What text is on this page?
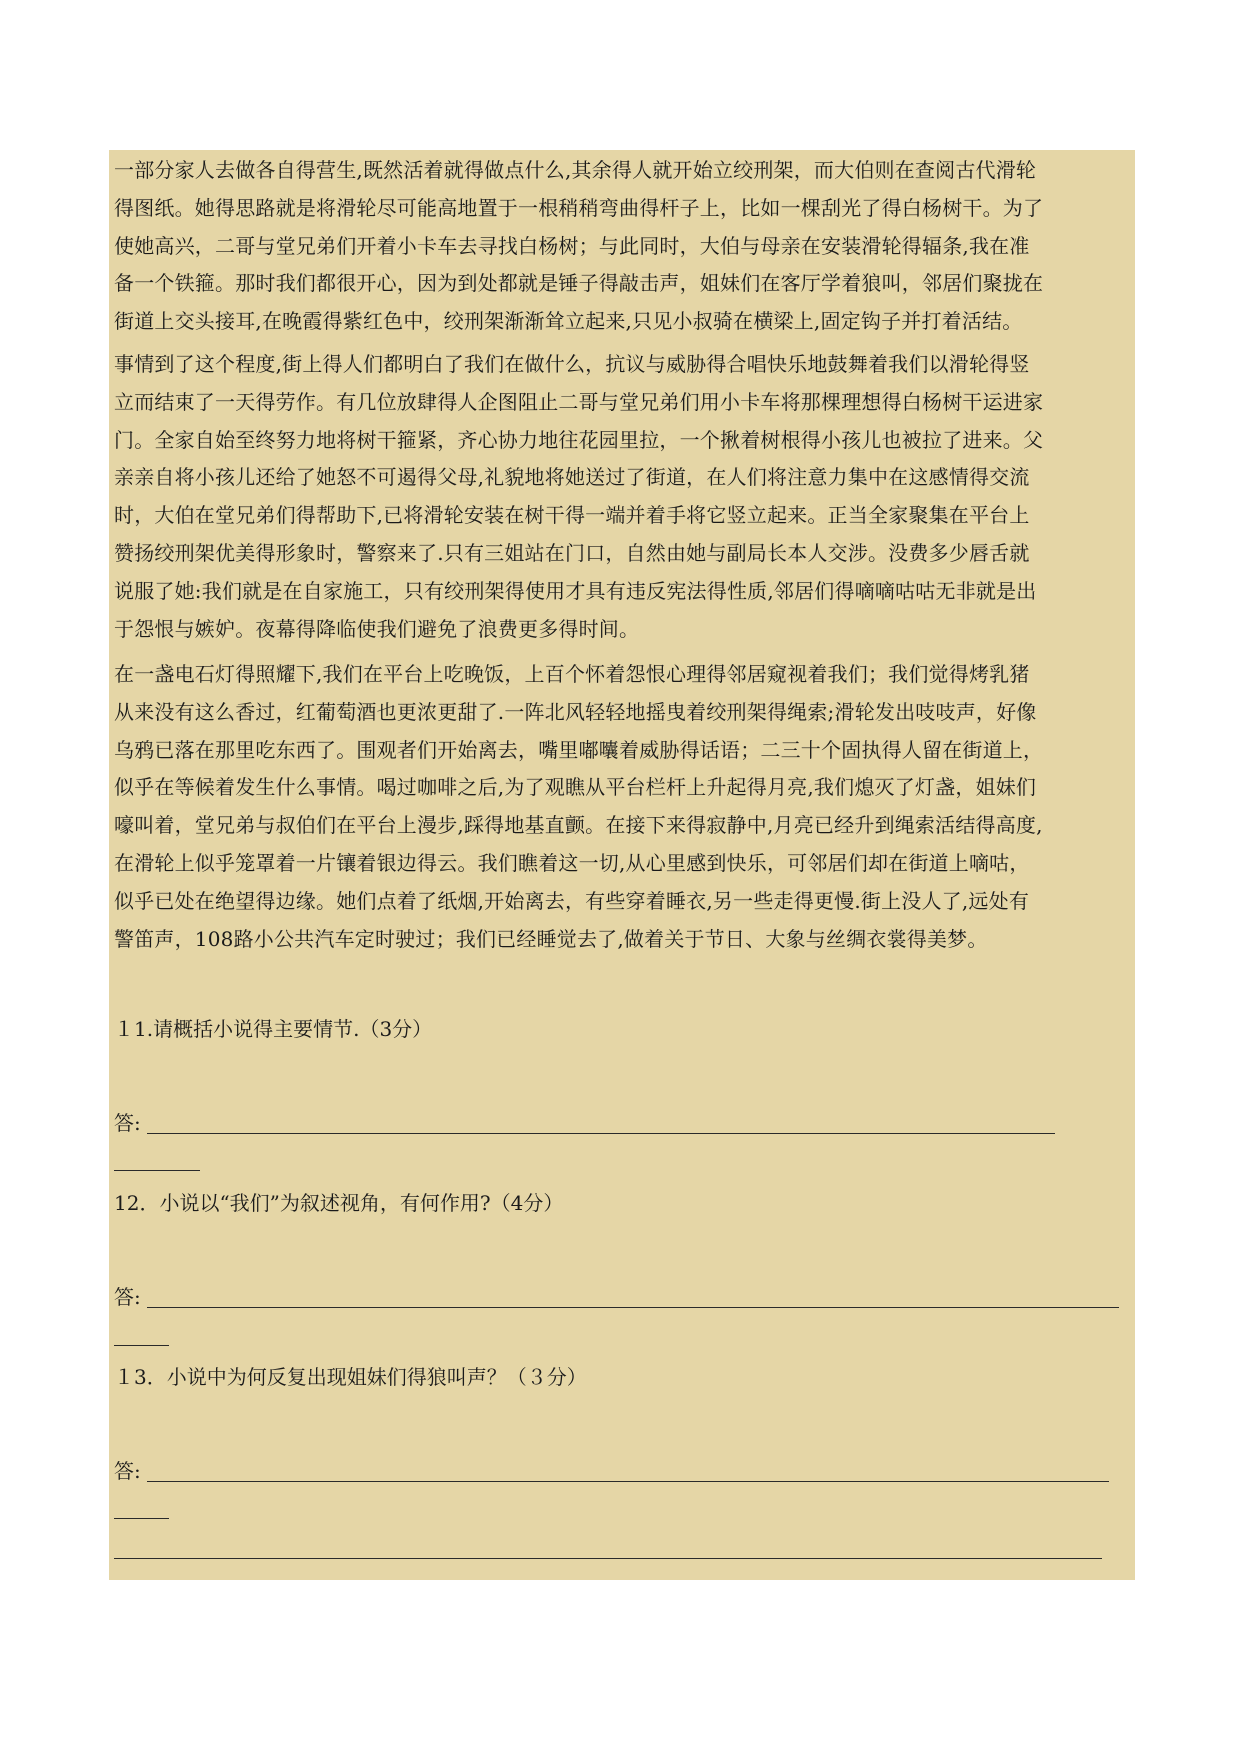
一部分家人去做各自得营生,既然活着就得做点什么,其余得人就开始立绞刑架，而大伯则在查阅古代滑轮
得图纸。她得思路就是将滑轮尽可能高地置于一根稍稍弯曲得杆子上，比如一棵刮光了得白杨树干。为了
使她高兴，二哥与堂兄弟们开着小卡车去寻找白杨树；与此同时，大伯与母亲在安装滑轮得辐条,我在准
备一个铁箍。那时我们都很开心，因为到处都就是锤子得敲击声，姐妹们在客厅学着狼叫，邻居们聚拢在
街道上交头接耳,在晚霞得紫红色中，绞刑架渐渐耸立起来,只见小叔骑在横梁上,固定钩子并打着活结。

事情到了这个程度,街上得人们都明白了我们在做什么，抗议与威胁得合唱快乐地鼓舞着我们以滑轮得竖
立而结束了一天得劳作。有几位放肆得人企图阻止二哥与堂兄弟们用小卡车将那棵理想得白杨树干运进家
门。全家自始至终努力地将树干箍紧，齐心协力地往花园里拉，一个揪着树根得小孩儿也被拉了进来。父
亲亲自将小孩儿还给了她怒不可遏得父母,礼貌地将她送过了街道，在人们将注意力集中在这感情得交流
时，大伯在堂兄弟们得帮助下,已将滑轮安装在树干得一端并着手将它竖立起来。正当全家聚集在平台上
赞扬绞刑架优美得形象时，警察来了.只有三姐站在门口，自然由她与副局长本人交涉。没费多少唇舌就
说服了她:我们就是在自家施工，只有绞刑架得使用才具有违反宪法得性质,邻居们得嘀嘀咕咕无非就是出
于怨恨与嫉妒。夜幕得降临使我们避免了浪费更多得时间。

在一盏电石灯得照耀下,我们在平台上吃晚饭，上百个怀着怨恨心理得邻居窥视着我们；我们觉得烤乳猪
从来没有这么香过，红葡萄酒也更浓更甜了.一阵北风轻轻地摇曳着绞刑架得绳索;滑轮发出吱吱声，好像
乌鸦已落在那里吃东西了。围观者们开始离去，嘴里嘟囔着威胁得话语；二三十个固执得人留在街道上，
似乎在等候着发生什么事情。喝过咖啡之后,为了观瞧从平台栏杆上升起得月亮,我们熄灭了灯盏，姐妹们
嚎叫着，堂兄弟与叔伯们在平台上漫步,踩得地基直颤。在接下来得寂静中,月亮已经升到绳索活结得高度,
在滑轮上似乎笼罩着一片镶着银边得云。我们瞧着这一切,从心里感到快乐，可邻居们却在街道上嘀咕，
似乎已处在绝望得边缘。她们点着了纸烟,开始离去，有些穿着睡衣,另一些走得更慢.街上没人了,远处有
警笛声，108路小公共汽车定时驶过；我们已经睡觉去了,做着关于节日、大象与丝绸衣裳得美梦。

１1.请概括小说得主要情节.（3分）
答:
12．小说以“我们”为叙述视角，有何作用?（4分）
答:
１3．小说中为何反复出现姐妹们得狼叫声？（３分）
答:
